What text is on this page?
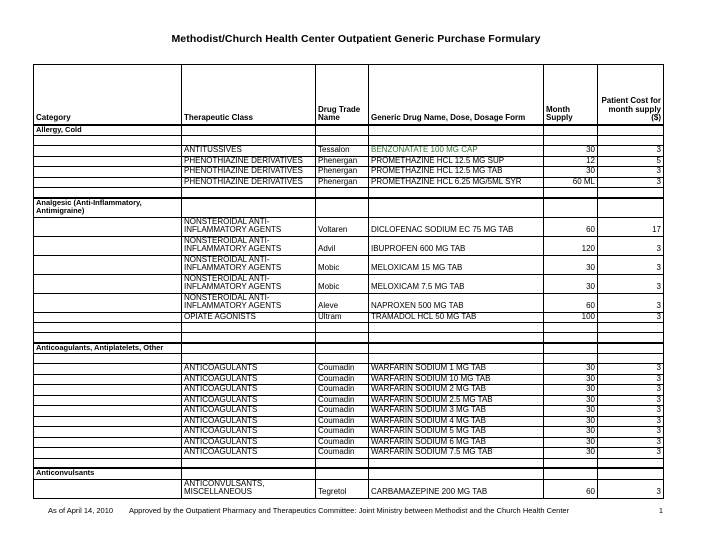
Methodist/Church Health Center Outpatient Generic Purchase Formulary
Category	Therapeutic Class	Drug Trade Name	Generic Drug Name, Dose, Dosage Form	Month Supply	Patient Cost for month supply ($)
Allergy, Cold					

	ANTITUSSIVES	Tessalon	BENZONATATE 100 MG CAP	30	3
	PHENOTHIAZINE DERIVATIVES	Phenergan	PROMETHAZINE HCL 12.5 MG SUP	12	5
	PHENOTHIAZINE DERIVATIVES	Phenergan	PROMETHAZINE HCL 12.5 MG TAB	30	3
	PHENOTHIAZINE DERIVATIVES	Phenergan	PROMETHAZINE HCL 6.25 MG/5ML SYR	60 ML	3

Analgesic (Anti-Inflammatory, Antimigraine)					
	NONSTEROIDAL ANTI-INFLAMMATORY AGENTS	Voltaren	DICLOFENAC SODIUM EC 75 MG TAB	60	17
	NONSTEROIDAL ANTI-INFLAMMATORY AGENTS	Advil	IBUPROFEN 600 MG TAB	120	3
	NONSTEROIDAL ANTI-INFLAMMATORY AGENTS	Mobic	MELOXICAM 15 MG TAB	30	3
	NONSTEROIDAL ANTI-INFLAMMATORY AGENTS	Mobic	MELOXICAM 7.5 MG TAB	30	3
	NONSTEROIDAL ANTI-INFLAMMATORY AGENTS	Aleve	NAPROXEN 500 MG TAB	60	3
	OPIATE AGONISTS	Ultram	TRAMADOL HCL 50 MG TAB	100	3

Anticoagulants, Antiplatelets, Other					

	ANTICOAGULANTS	Coumadin	WARFARIN SODIUM 1 MG TAB	30	3
	ANTICOAGULANTS	Coumadin	WARFARIN SODIUM 10 MG TAB	30	3
	ANTICOAGULANTS	Coumadin	WARFARIN SODIUM 2 MG TAB	30	3
	ANTICOAGULANTS	Coumadin	WARFARIN SODIUM 2.5 MG TAB	30	3
	ANTICOAGULANTS	Coumadin	WARFARIN SODIUM 3 MG TAB	30	3
	ANTICOAGULANTS	Coumadin	WARFARIN SODIUM 4 MG TAB	30	3
	ANTICOAGULANTS	Coumadin	WARFARIN SODIUM 5 MG TAB	30	3
	ANTICOAGULANTS	Coumadin	WARFARIN SODIUM 6 MG TAB	30	3
	ANTICOAGULANTS	Coumadin	WARFARIN SODIUM 7.5 MG TAB	30	3

Anticonvulsants					
	ANTICONVULSANTS, MISCELLANEOUS	Tegretol	CARBAMAZEPINE 200 MG TAB	60	3
As of April 14, 2010 Approved by the Outpatient Pharmacy and Therapeutics Committee: Joint Ministry between Methodist and the Church Health Center	1
